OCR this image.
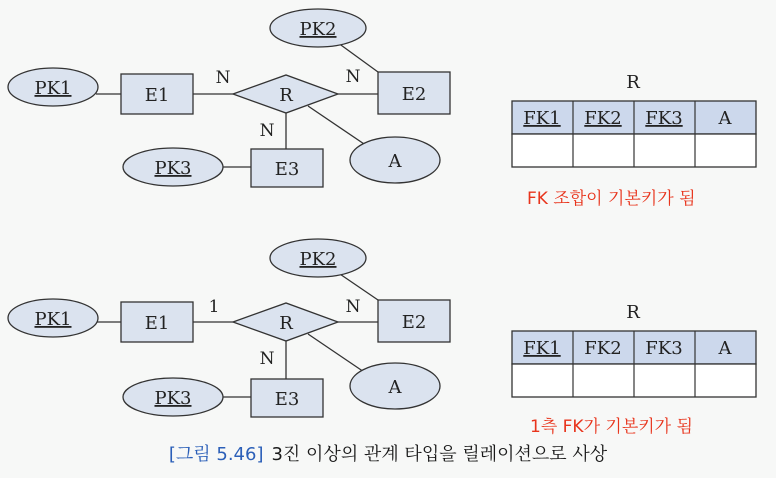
PK1
PK2
PK3	A
E1	E2
E3
R
N	N
N
R
FK1 FK2 FK3 A
FK 조합이 기본키가 됨
PK1
PK2
PK3
A
E1	E2
E3
R
1	N
N
R
FK1 FK2 FK3 A
1측 FK가 기본키가 됨
[그림 5.46] 3진 이상의 관계 타입을 릴레이션으로 사상
